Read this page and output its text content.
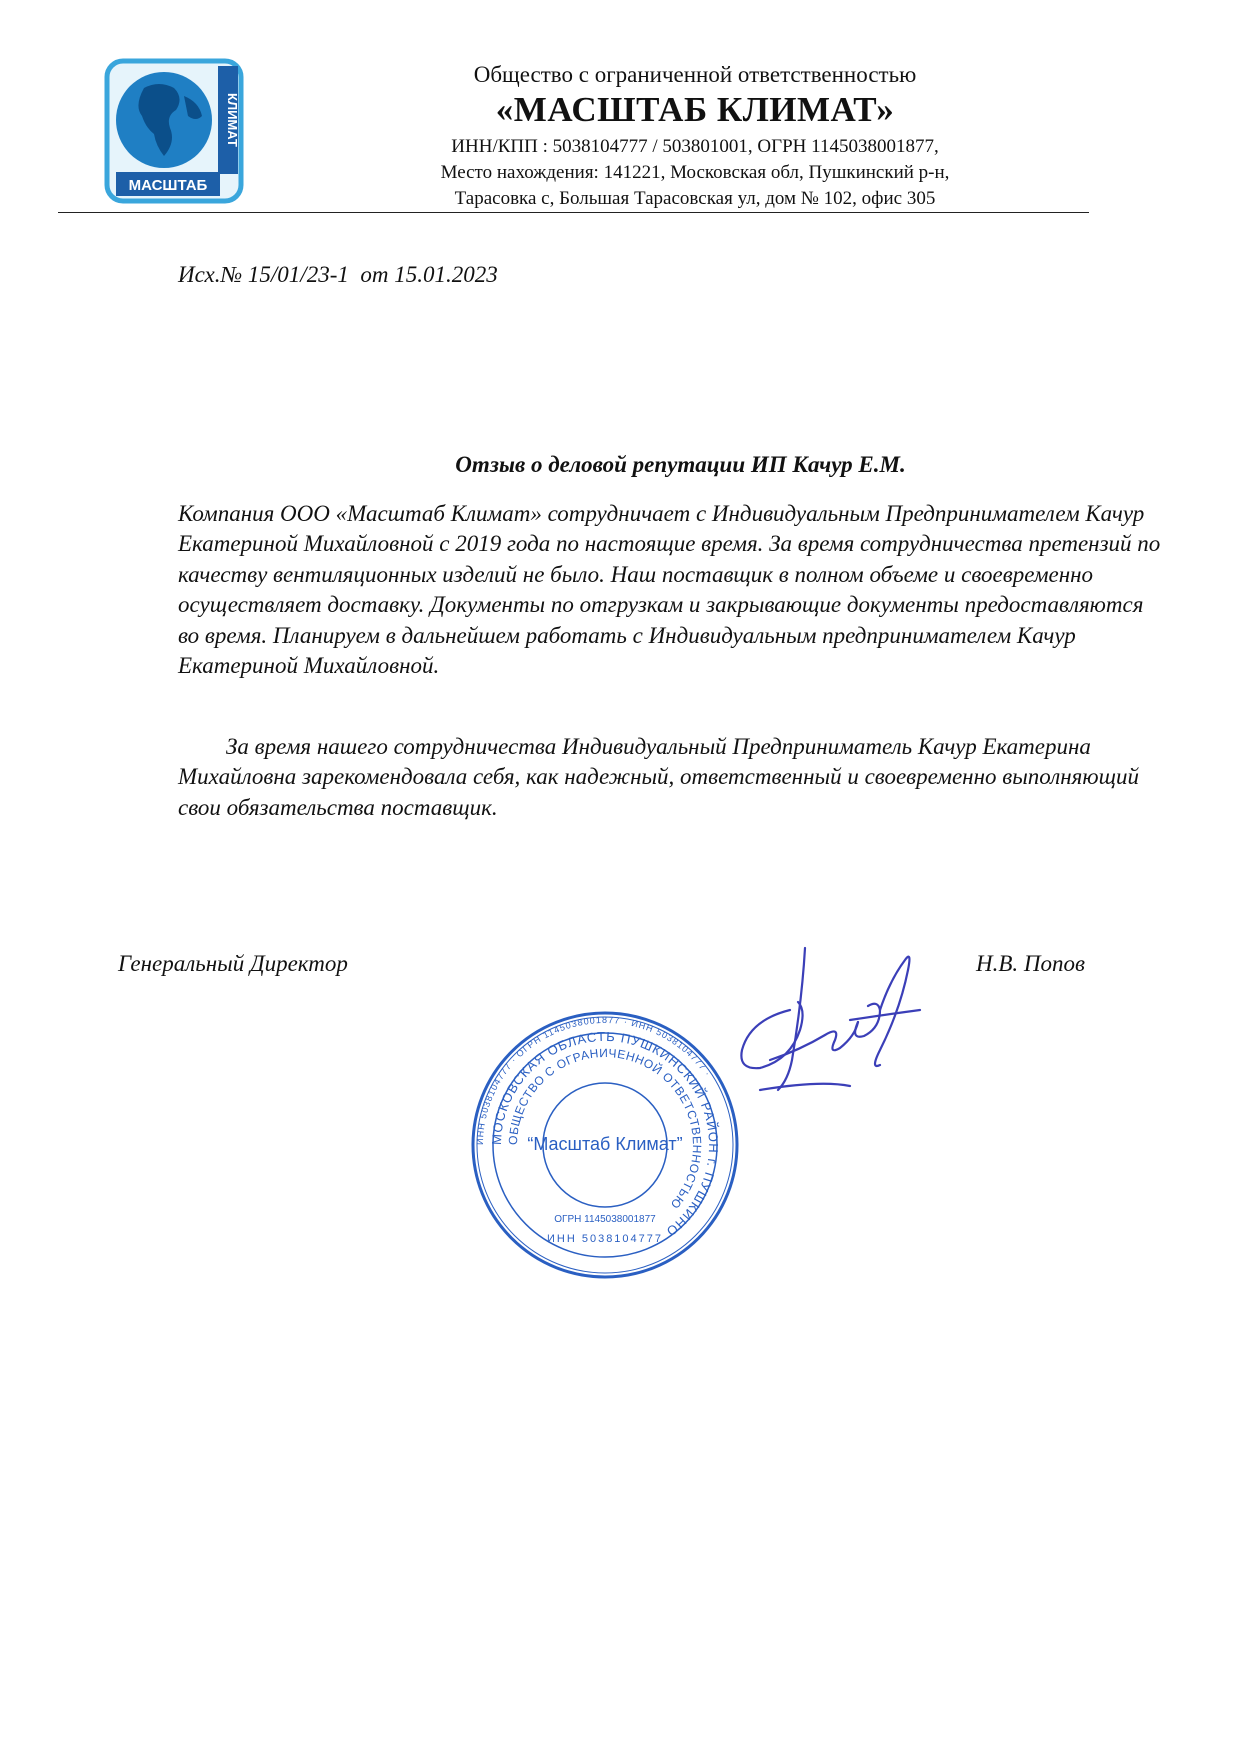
КЛИМАТ
МАСШТАБ
Общество с ограниченной ответственностью
«МАСШТАБ КЛИМАТ»
ИНН/КПП : 5038104777 / 503801001, ОГРН 1145038001877,
Место нахождения: 141221, Московская обл, Пушкинский р-н,
Тарасовка с, Большая Тарасовская ул, дом № 102, офис 305
Исх.№ 15/01/23-1  от 15.01.2023
Отзыв о деловой репутации ИП Качур Е.М.
Компания ООО «Масштаб Климат» сотрудничает с Индивидуальным Предпринимателем Качур Екатериной Михайловной с 2019 года по настоящие время. За время сотрудничества претензий по качеству вентиляционных изделий не было. Наш поставщик в полном объеме и своевременно осуществляет доставку. Документы по отгрузкам и закрывающие документы предоставляются во время. Планируем в дальнейшем работать с Индивидуальным предпринимателем Качур Екатериной Михайловной.
За время нашего сотрудничества Индивидуальный Предприниматель Качур Екатерина Михайловна зарекомендовала себя, как надежный, ответственный и своевременно выполняющий свои обязательства поставщик.
Генеральный Директор	Н.В. Попов
ИНН 5038104777 · ОГРН 1145038001877 · ИНН 5038104777 ·
МОСКОВСКАЯ ОБЛАСТЬ ПУШКИНСКИЙ РАЙОН г. ПУШКИНО
ОБЩЕСТВО С ОГРАНИЧЕННОЙ ОТВЕТСТВЕННОСТЬЮ
“Масштаб Климат”
ОГРН 1145038001877
ИНН 5038104777
